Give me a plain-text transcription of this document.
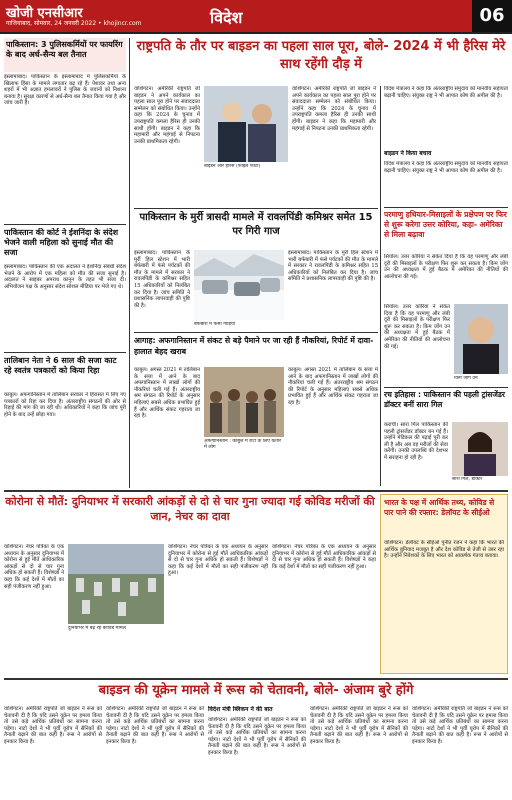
खोजी एनसीआर
गाजियाबाद, सोमवार, 24 जनवरी 2022 • khojincr.com	विदेश	06
पाकिस्तान: 3 पुलिसकर्मियों पर फायरिंग के बाद अर्ध-सैन्य बल तैनात
इस्लामाबाद। पाकिस्तान के इस्लामाबाद में पुलिसकर्मियों के खिलाफ हिंसा के मामले लगातार बढ़ रहे हैं। पेशावर तथा अन्य शहरों में भी अज्ञात हमलावरों ने पुलिस के जवानों को निशाना बनाया है। सुरक्षा कारणों से अर्ध-सैन्य बल तैनात किया गया है और जांच जारी है।
पाकिस्तान की कोर्ट ने ईशनिंदा के संदेश भेजने वाली महिला को सुनाई मौत की सजा
इस्लामाबाद। पाकिस्तान की एक अदालत ने ईशनिंदा संबंधी संदेश भेजने के आरोप में एक महिला को मौत की सजा सुनाई है। अदालत ने साइबर अपराध कानून के तहत भी सजा दी। अभियोजन पक्ष के अनुसार संदेश सोशल मीडिया पर भेजे गए थे।
तालिबान नेता ने 6 साल की सजा काट रहे स्वतंत्र पत्रकारों को किया रिहा
काबुल। अफगानिस्तान में तालिबान सरकार ने हिरासत में लिए गए पत्रकारों को रिहा कर दिया है। अंतरराष्ट्रीय संगठनों की ओर से रिहाई की मांग की जा रही थी। अधिकारियों ने कहा कि जांच पूरी होने के बाद उन्हें छोड़ा गया।
राष्ट्रपति के तौर पर बाइडन का पहला साल पूरा, बोले- 2024 में भी हैरिस मेरे साथ रहेंगी दौड़ में
वाशिंगटन। अमेरिकी राष्ट्रपति जो बाइडन ने अपने कार्यकाल का पहला साल पूरा होने पर संवाददाता सम्मेलन को संबोधित किया। उन्होंने कहा कि 2024 के चुनाव में उपराष्ट्रपति कमला हैरिस ही उनकी साथी होंगी। बाइडन ने कहा कि महामारी और महंगाई से निपटना उनकी प्राथमिकता रहेगी।
बाइडन और हैरिस (फाइल फोटो)
वाशिंगटन। अमेरिकी राष्ट्रपति जो बाइडन ने अपने कार्यकाल का पहला साल पूरा होने पर संवाददाता सम्मेलन को संबोधित किया। उन्होंने कहा कि 2024 के चुनाव में उपराष्ट्रपति कमला हैरिस ही उनकी साथी होंगी। बाइडन ने कहा कि महामारी और महंगाई से निपटना उनकी प्राथमिकता रहेगी।
विदेश मंत्रालय ने कहा कि अंतरराष्ट्रीय समुदाय को मानवीय सहायता बढ़ानी चाहिए। संयुक्त राष्ट्र ने भी आपात कोष की अपील की है।
बाइडन ने किया बचाव
विदेश मंत्रालय ने कहा कि अंतरराष्ट्रीय समुदाय को मानवीय सहायता बढ़ानी चाहिए। संयुक्त राष्ट्र ने भी आपात कोष की अपील की है।
परमाणु हथियार-मिसाइलों के प्रक्षेपण पर फिर से शुरू करेगा उत्तर कोरिया, कहा- अमेरिका से मिला बढ़ावा
सियोल। उत्तर कोरिया ने संकेत दिया है कि वह परमाणु और लंबी दूरी की मिसाइलों के परीक्षण फिर शुरू कर सकता है। किम जोंग उन की अध्यक्षता में हुई बैठक में अमेरिका की नीतियों की आलोचना की गई।
सियोल। उत्तर कोरिया ने संकेत दिया है कि वह परमाणु और लंबी दूरी की मिसाइलों के परीक्षण फिर शुरू कर सकता है। किम जोंग उन की अध्यक्षता में हुई बैठक में अमेरिका की नीतियों की आलोचना की गई।
किम जोंग उन
पाकिस्तान के मुर्री त्रासदी मामले में रावलपिंडी कमिश्नर समेत 15 पर गिरी गाज
इस्लामाबाद। पाकिस्तान के मुर्री हिल स्टेशन में भारी बर्फबारी में फंसे पर्यटकों की मौत के मामले में सरकार ने रावलपिंडी के कमिश्नर सहित 15 अधिकारियों को निलंबित कर दिया है। जांच समिति ने प्रशासनिक लापरवाही की पुष्टि की है।
बर्फबारी में फंसी गाड़ियां
इस्लामाबाद। पाकिस्तान के मुर्री हिल स्टेशन में भारी बर्फबारी में फंसे पर्यटकों की मौत के मामले में सरकार ने रावलपिंडी के कमिश्नर सहित 15 अधिकारियों को निलंबित कर दिया है। जांच समिति ने प्रशासनिक लापरवाही की पुष्टि की है।
आगाह: अफगानिस्तान में संकट से बड़े पैमाने पर जा रही हैं नौकरियां, रिपोर्ट में दावा- हालात बेहद खराब
काबुल। अगस्त 2021 में तालिबान के सत्ता में आने के बाद अफगानिस्तान में लाखों लोगों की नौकरियां चली गई हैं। अंतरराष्ट्रीय श्रम संगठन की रिपोर्ट के अनुसार महिलाएं सबसे अधिक प्रभावित हुई हैं और आर्थिक संकट गहराता जा रहा है।
अफगानिस्तान : काबुल में रोटी के लिए कतार में लोग
काबुल। अगस्त 2021 में तालिबान के सत्ता में आने के बाद अफगानिस्तान में लाखों लोगों की नौकरियां चली गई हैं। अंतरराष्ट्रीय श्रम संगठन की रिपोर्ट के अनुसार महिलाएं सबसे अधिक प्रभावित हुई हैं और आर्थिक संकट गहराता जा रहा है।
रच इतिहास : पाकिस्तान की पहली ट्रांसजेंडर डॉक्टर बनीं सारा गिल
कराची। सारा गिल पाकिस्तान की पहली ट्रांसजेंडर डॉक्टर बन गई हैं। उन्होंने मेडिकल की पढ़ाई पूरी कर ली है और अब वह मरीजों की सेवा करेंगी। उनकी उपलब्धि की देशभर में सराहना हो रही है।
सारा गिल, डॉक्टर
कोरोना से मौतें: दुनियाभर में सरकारी आंकड़ों से दो से चार गुना ज्यादा गई कोविड मरीजों की जान, नेचर का दावा
वाशिंगटन। नेचर पत्रिका के एक अध्ययन के अनुसार दुनियाभर में कोरोना से हुई मौतें आधिकारिक आंकड़ों से दो से चार गुना अधिक हो सकती हैं। विशेषज्ञों ने कहा कि कई देशों में मौतों का सही पंजीकरण नहीं हुआ।
दुनियाभर में बढ़ रहे कोविड मामले
वाशिंगटन। नेचर पत्रिका के एक अध्ययन के अनुसार दुनियाभर में कोरोना से हुई मौतें आधिकारिक आंकड़ों से दो से चार गुना अधिक हो सकती हैं। विशेषज्ञों ने कहा कि कई देशों में मौतों का सही पंजीकरण नहीं हुआ।
वाशिंगटन। नेचर पत्रिका के एक अध्ययन के अनुसार दुनियाभर में कोरोना से हुई मौतें आधिकारिक आंकड़ों से दो से चार गुना अधिक हो सकती हैं। विशेषज्ञों ने कहा कि कई देशों में मौतों का सही पंजीकरण नहीं हुआ।
भारत के पक्ष में आर्थिक तथ्य, कोविड से पार पाने की रफ्तार: डेलॉयट के सीईओ
वाशिंगटन। डेलॉयट के सीईओ पुनीत रंजन ने कहा कि भारत की आर्थिक बुनियाद मजबूत है और देश कोविड से तेजी से उबर रहा है। उन्होंने निवेशकों के लिए भारत को आकर्षक गंतव्य बताया।
बाइडन की यूक्रेन मामले में रूस को चेतावनी, बोले- अंजाम बुरे होंगे
वाशिंगटन। अमेरिकी राष्ट्रपति जो बाइडन ने रूस को चेतावनी दी है कि यदि उसने यूक्रेन पर हमला किया तो उसे कड़े आर्थिक प्रतिबंधों का सामना करना पड़ेगा। नाटो देशों ने भी पूर्वी यूरोप में सैनिकों की तैनाती बढ़ाने की बात कही है। रूस ने आरोपों से इनकार किया है।
वाशिंगटन। अमेरिकी राष्ट्रपति जो बाइडन ने रूस को चेतावनी दी है कि यदि उसने यूक्रेन पर हमला किया तो उसे कड़े आर्थिक प्रतिबंधों का सामना करना पड़ेगा। नाटो देशों ने भी पूर्वी यूरोप में सैनिकों की तैनाती बढ़ाने की बात कही है। रूस ने आरोपों से इनकार किया है।
विदेश मंत्री ब्लिंकन ने की बात
वाशिंगटन। अमेरिकी राष्ट्रपति जो बाइडन ने रूस को चेतावनी दी है कि यदि उसने यूक्रेन पर हमला किया तो उसे कड़े आर्थिक प्रतिबंधों का सामना करना पड़ेगा। नाटो देशों ने भी पूर्वी यूरोप में सैनिकों की तैनाती बढ़ाने की बात कही है। रूस ने आरोपों से इनकार किया है।
वाशिंगटन। अमेरिकी राष्ट्रपति जो बाइडन ने रूस को चेतावनी दी है कि यदि उसने यूक्रेन पर हमला किया तो उसे कड़े आर्थिक प्रतिबंधों का सामना करना पड़ेगा। नाटो देशों ने भी पूर्वी यूरोप में सैनिकों की तैनाती बढ़ाने की बात कही है। रूस ने आरोपों से इनकार किया है।
वाशिंगटन। अमेरिकी राष्ट्रपति जो बाइडन ने रूस को चेतावनी दी है कि यदि उसने यूक्रेन पर हमला किया तो उसे कड़े आर्थिक प्रतिबंधों का सामना करना पड़ेगा। नाटो देशों ने भी पूर्वी यूरोप में सैनिकों की तैनाती बढ़ाने की बात कही है। रूस ने आरोपों से इनकार किया है।
